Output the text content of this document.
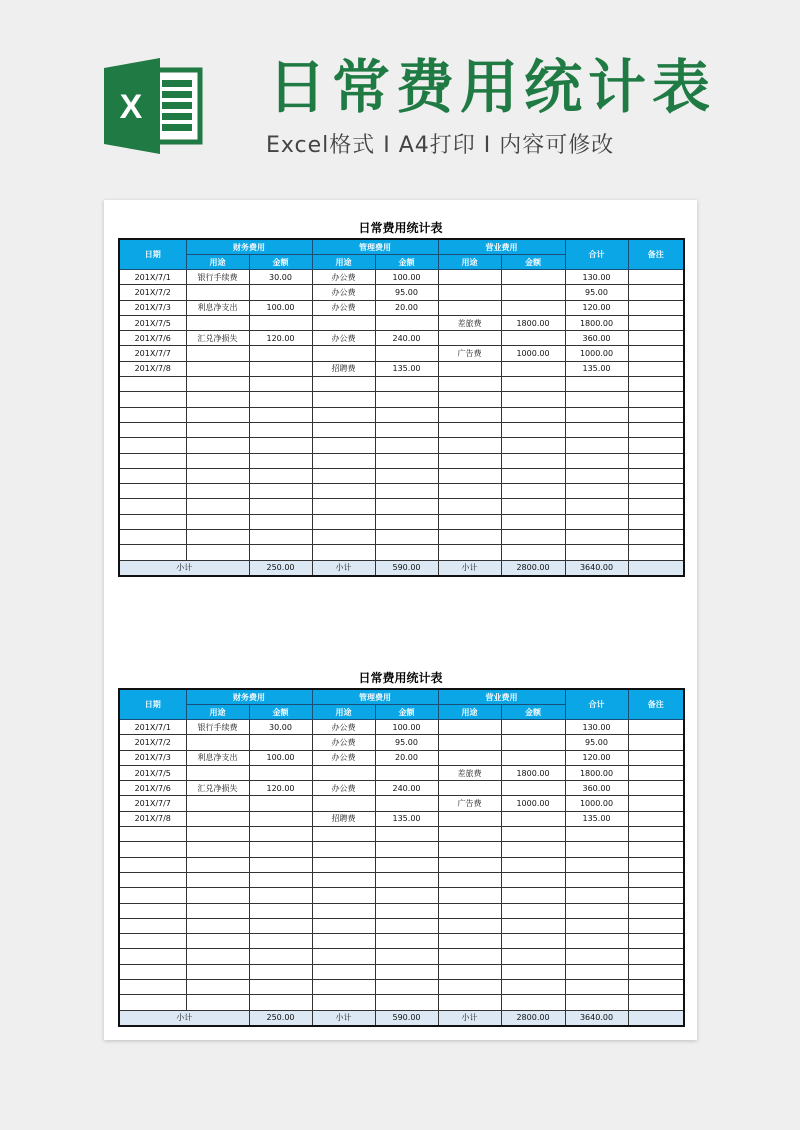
X 日常费用统计表
Excel格式 I A4打印 I 内容可修改
日常费用统计表
日期	财务费用		管理费用		营业费用		合计	备注
	用途	金额	用途	金额	用途	金额		
201X/7/1	银行手续费	30.00	办公费	100.00			130.00	
201X/7/2			办公费	95.00			95.00	
201X/7/3	利息净支出	100.00	办公费	20.00			120.00	
201X/7/5					差旅费	1800.00	1800.00	
201X/7/6	汇兑净损失	120.00	办公费	240.00			360.00	
201X/7/7					广告费	1000.00	1000.00	
201X/7/8			招聘费	135.00			135.00	

小计		250.00	小计	590.00	小计	2800.00	3640.00	
日常费用统计表
日期	财务费用		管理费用		营业费用		合计	备注
	用途	金额	用途	金额	用途	金额		
201X/7/1	银行手续费	30.00	办公费	100.00			130.00	
201X/7/2			办公费	95.00			95.00	
201X/7/3	利息净支出	100.00	办公费	20.00			120.00	
201X/7/5					差旅费	1800.00	1800.00	
201X/7/6	汇兑净损失	120.00	办公费	240.00			360.00	
201X/7/7					广告费	1000.00	1000.00	
201X/7/8			招聘费	135.00			135.00	

小计		250.00	小计	590.00	小计	2800.00	3640.00	
